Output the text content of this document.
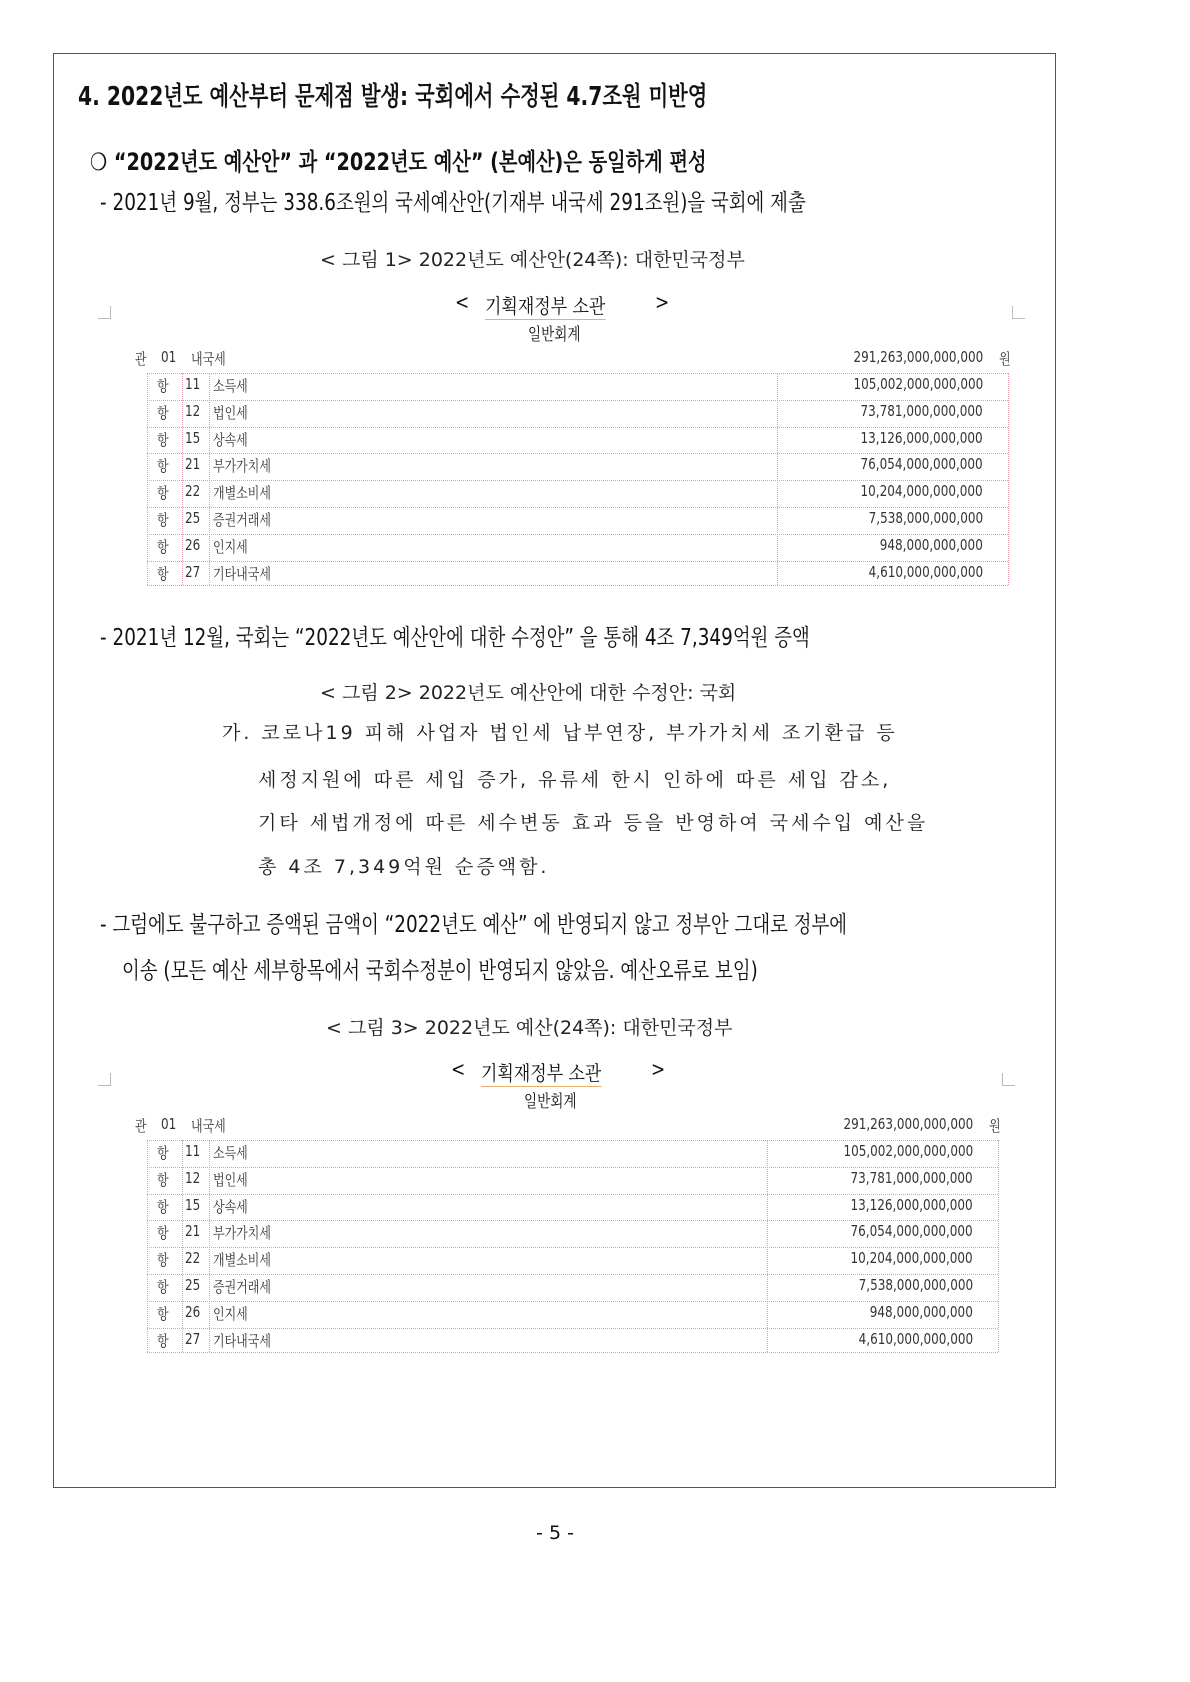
4. 2022년도 예산부터 문제점 발생: 국회에서 수정된 4.7조원 미반영
❍ “2022년도 예산안” 과 “2022년도 예산” (본예산)은 동일하게 편성
- 2021년 9월, 정부는 338.6조원의 국세예산안(기재부 내국세 291조원)을 국회에 제출
< 그림 1> 2022년도 예산안(24쪽): 대한민국정부
< 기획재정부 소관 >
일반회계
관 01 내국세	291,263,000,000,000 원
항 11 소득세	105,002,000,000,000
항 12 법인세	73,781,000,000,000
항 15 상속세	13,126,000,000,000
항 21 부가가치세	76,054,000,000,000
항 22 개별소비세	10,204,000,000,000
항 25 증권거래세	7,538,000,000,000
항 26 인지세	948,000,000,000
항 27 기타내국세	4,610,000,000,000
- 2021년 12월, 국회는 “2022년도 예산안에 대한 수정안” 을 통해 4조 7,349억원 증액
< 그림 2> 2022년도 예산안에 대한 수정안: 국회
가. 코로나19 피해 사업자 법인세 납부연장, 부가가치세 조기환급 등
세정지원에 따른 세입 증가, 유류세 한시 인하에 따른 세입 감소,
기타 세법개정에 따른 세수변동 효과 등을 반영하여 국세수입 예산을
총 4조 7,349억원 순증액함.
- 그럼에도 불구하고 증액된 금액이 “2022년도 예산” 에 반영되지 않고 정부안 그대로 정부에
이송 (모든 예산 세부항목에서 국회수정분이 반영되지 않았음. 예산오류로 보임)
< 그림 3> 2022년도 예산(24쪽): 대한민국정부
< 기획재정부 소관 >
일반회계
관 01 내국세	291,263,000,000,000 원
항 11 소득세	105,002,000,000,000
항 12 법인세	73,781,000,000,000
항 15 상속세	13,126,000,000,000
항 21 부가가치세	76,054,000,000,000
항 22 개별소비세	10,204,000,000,000
항 25 증권거래세	7,538,000,000,000
항 26 인지세	948,000,000,000
항 27 기타내국세	4,610,000,000,000
- 5 -
